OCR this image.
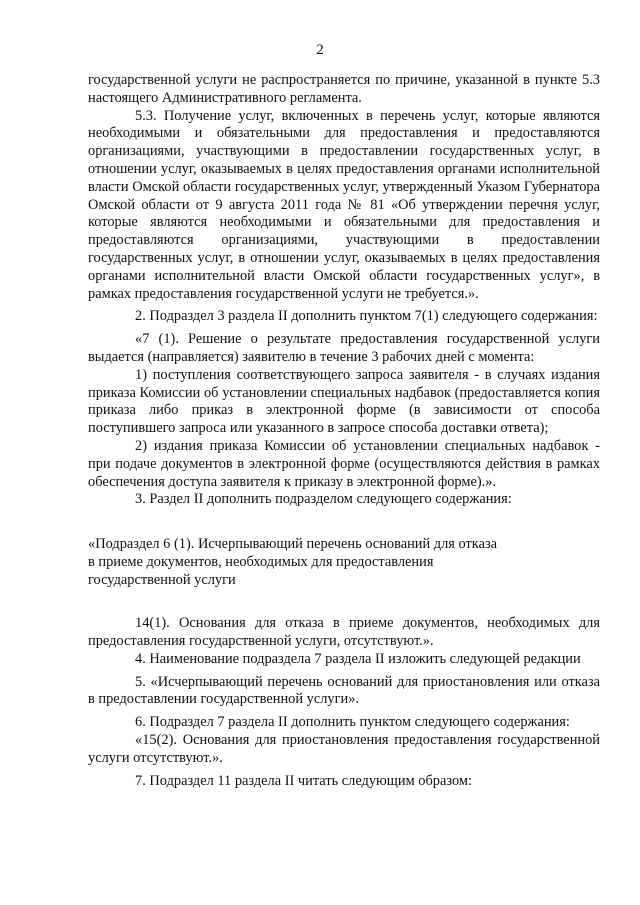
2

государственной услуги не распространяется по причине, указанной в пункте 5.3 настоящего Административного регламента.

5.3. Получение услуг, включенных в перечень услуг, которые являются необходимыми и обязательными для предоставления и предоставляются организациями, участвующими в предоставлении государственных услуг, в отношении услуг, оказываемых в целях предоставления органами исполнительной власти Омской области государственных услуг, утвержденный Указом Губернатора Омской области от 9 августа 2011 года № 81 «Об утверждении перечня услуг, которые являются необходимыми и обязательными для предоставления и предоставляются организациями, участвующими в предоставлении государственных услуг, в отношении услуг, оказываемых в целях предоставления органами исполнительной власти Омской области государственных услуг», в рамках предоставления государственной услуги не требуется.».

2. Подраздел 3 раздела II дополнить пунктом 7(1) следующего содержания:

«7 (1). Решение о результате предоставления государственной услуги выдается (направляется) заявителю в течение 3 рабочих дней с момента:

1) поступления соответствующего запроса заявителя - в случаях издания приказа Комиссии об установлении специальных надбавок (предоставляется копия приказа либо приказ в электронной форме (в зависимости от способа поступившего запроса или указанного в запросе способа доставки ответа);

2) издания приказа Комиссии об установлении специальных надбавок - при подаче документов в электронной форме (осуществляются действия в рамках обеспечения доступа заявителя к приказу в электронной форме).».

3. Раздел II дополнить подразделом следующего содержания:

«Подраздел 6 (1). Исчерпывающий перечень оснований для отказа
в приеме документов, необходимых для предоставления
государственной услуги

14(1). Основания для отказа в приеме документов, необходимых для предоставления государственной услуги, отсутствуют.».

4. Наименование подраздела 7 раздела II изложить следующей редакции

5. «Исчерпывающий перечень оснований для приостановления или отказа в предоставлении государственной услуги».

6. Подраздел 7 раздела II дополнить пунктом следующего содержания:

«15(2). Основания для приостановления предоставления государственной услуги отсутствуют.».

7. Подраздел 11 раздела II читать следующим образом:
